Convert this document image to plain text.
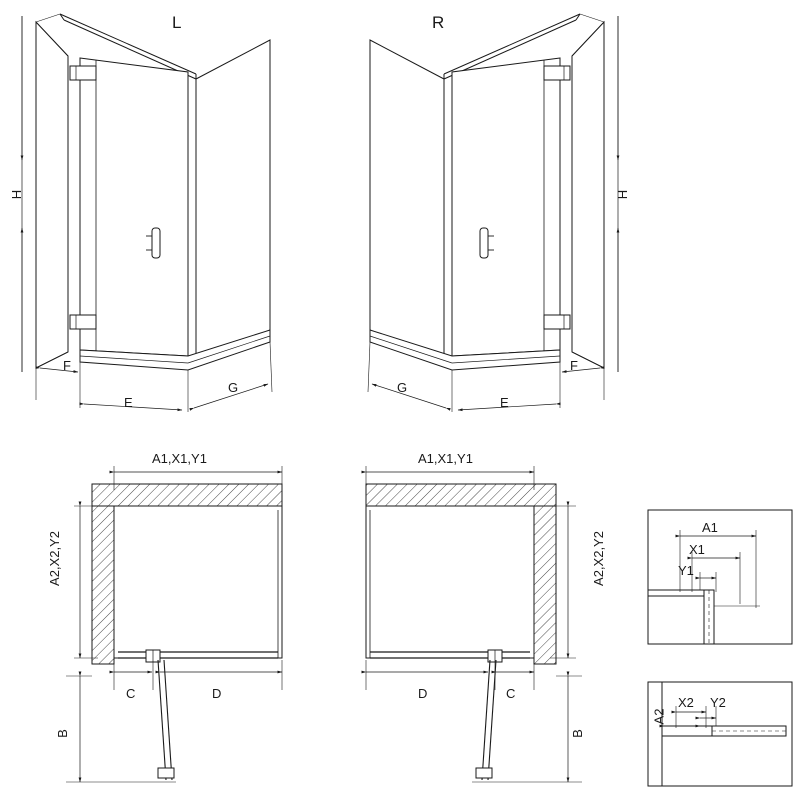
L
H
F
E
G
R
H
F
E
G
A1,X1,Y1
A2,X2,Y2
C	D
B
A1,X1,Y1
A2,X2,Y2
D	C
B
A1
X1
Y1
A2
X2 Y2
